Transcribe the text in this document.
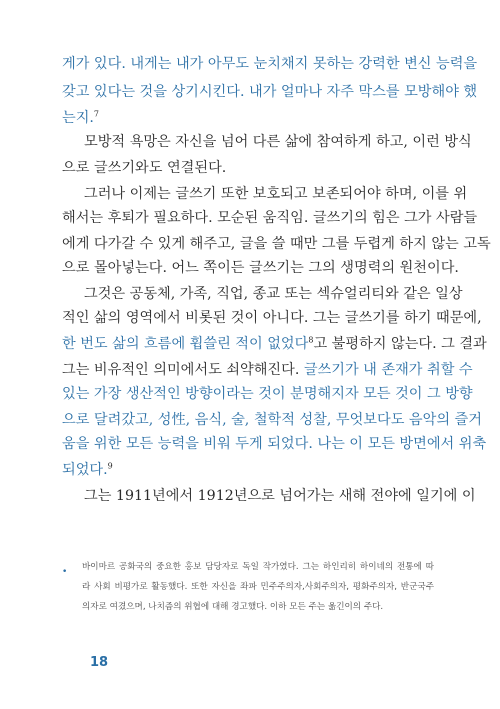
게가 있다. 내게는 내가 아무도 눈치채지 못하는 강력한 변신 능력을
갖고 있다는 것을 상기시킨다. 내가 얼마나 자주 막스를 모방해야 했
는지.$^7$
모방적 욕망은 자신을 넘어 다른 삶에 참여하게 하고, 이런 방식
으로 글쓰기와도 연결된다.
그러나 이제는 글쓰기 또한 보호되고 보존되어야 하며, 이를 위
해서는 후퇴가 필요하다. 모순된 움직임. 글쓰기의 힘은 그가 사람들
에게 다가갈 수 있게 해주고, 글을 쓸 때만 그를 두렵게 하지 않는 고독
으로 몰아넣는다. 어느 쪽이든 글쓰기는 그의 생명력의 원천이다.
그것은 공동체, 가족, 직업, 종교 또는 섹슈얼리티와 같은 일상
적인 삶의 영역에서 비롯된 것이 아니다. 그는 글쓰기를 하기 때문에,
한 번도 삶의 흐름에 휩쓸린 적이 없었다$^8$고 불평하지 않는다. 그 결과
그는 비유적인 의미에서도 쇠약해진다. 글쓰기가 내 존재가 취할 수
있는 가장 생산적인 방향이라는 것이 분명해지자 모든 것이 그 방향
으로 달려갔고, 성性, 음식, 술, 철학적 성찰, 무엇보다도 음악의 즐거
움을 위한 모든 능력을 비워 두게 되었다. 나는 이 모든 방면에서 위축
되었다.$^9$
그는 1911년에서 1912년으로 넘어가는 새해 전야에 일기에 이
• 바이마르 공화국의 중요한 홍보 담당자로 독일 작가였다. 그는 하인리히 하이네의 전통에 따
라 사회 비평가로 활동했다. 또한 자신을 좌파 민주주의자,사회주의자, 평화주의자, 반군국주
의자로 여겼으며, 나치즘의 위협에 대해 경고했다. 이하 모든 주는 옮긴이의 주다.
18
